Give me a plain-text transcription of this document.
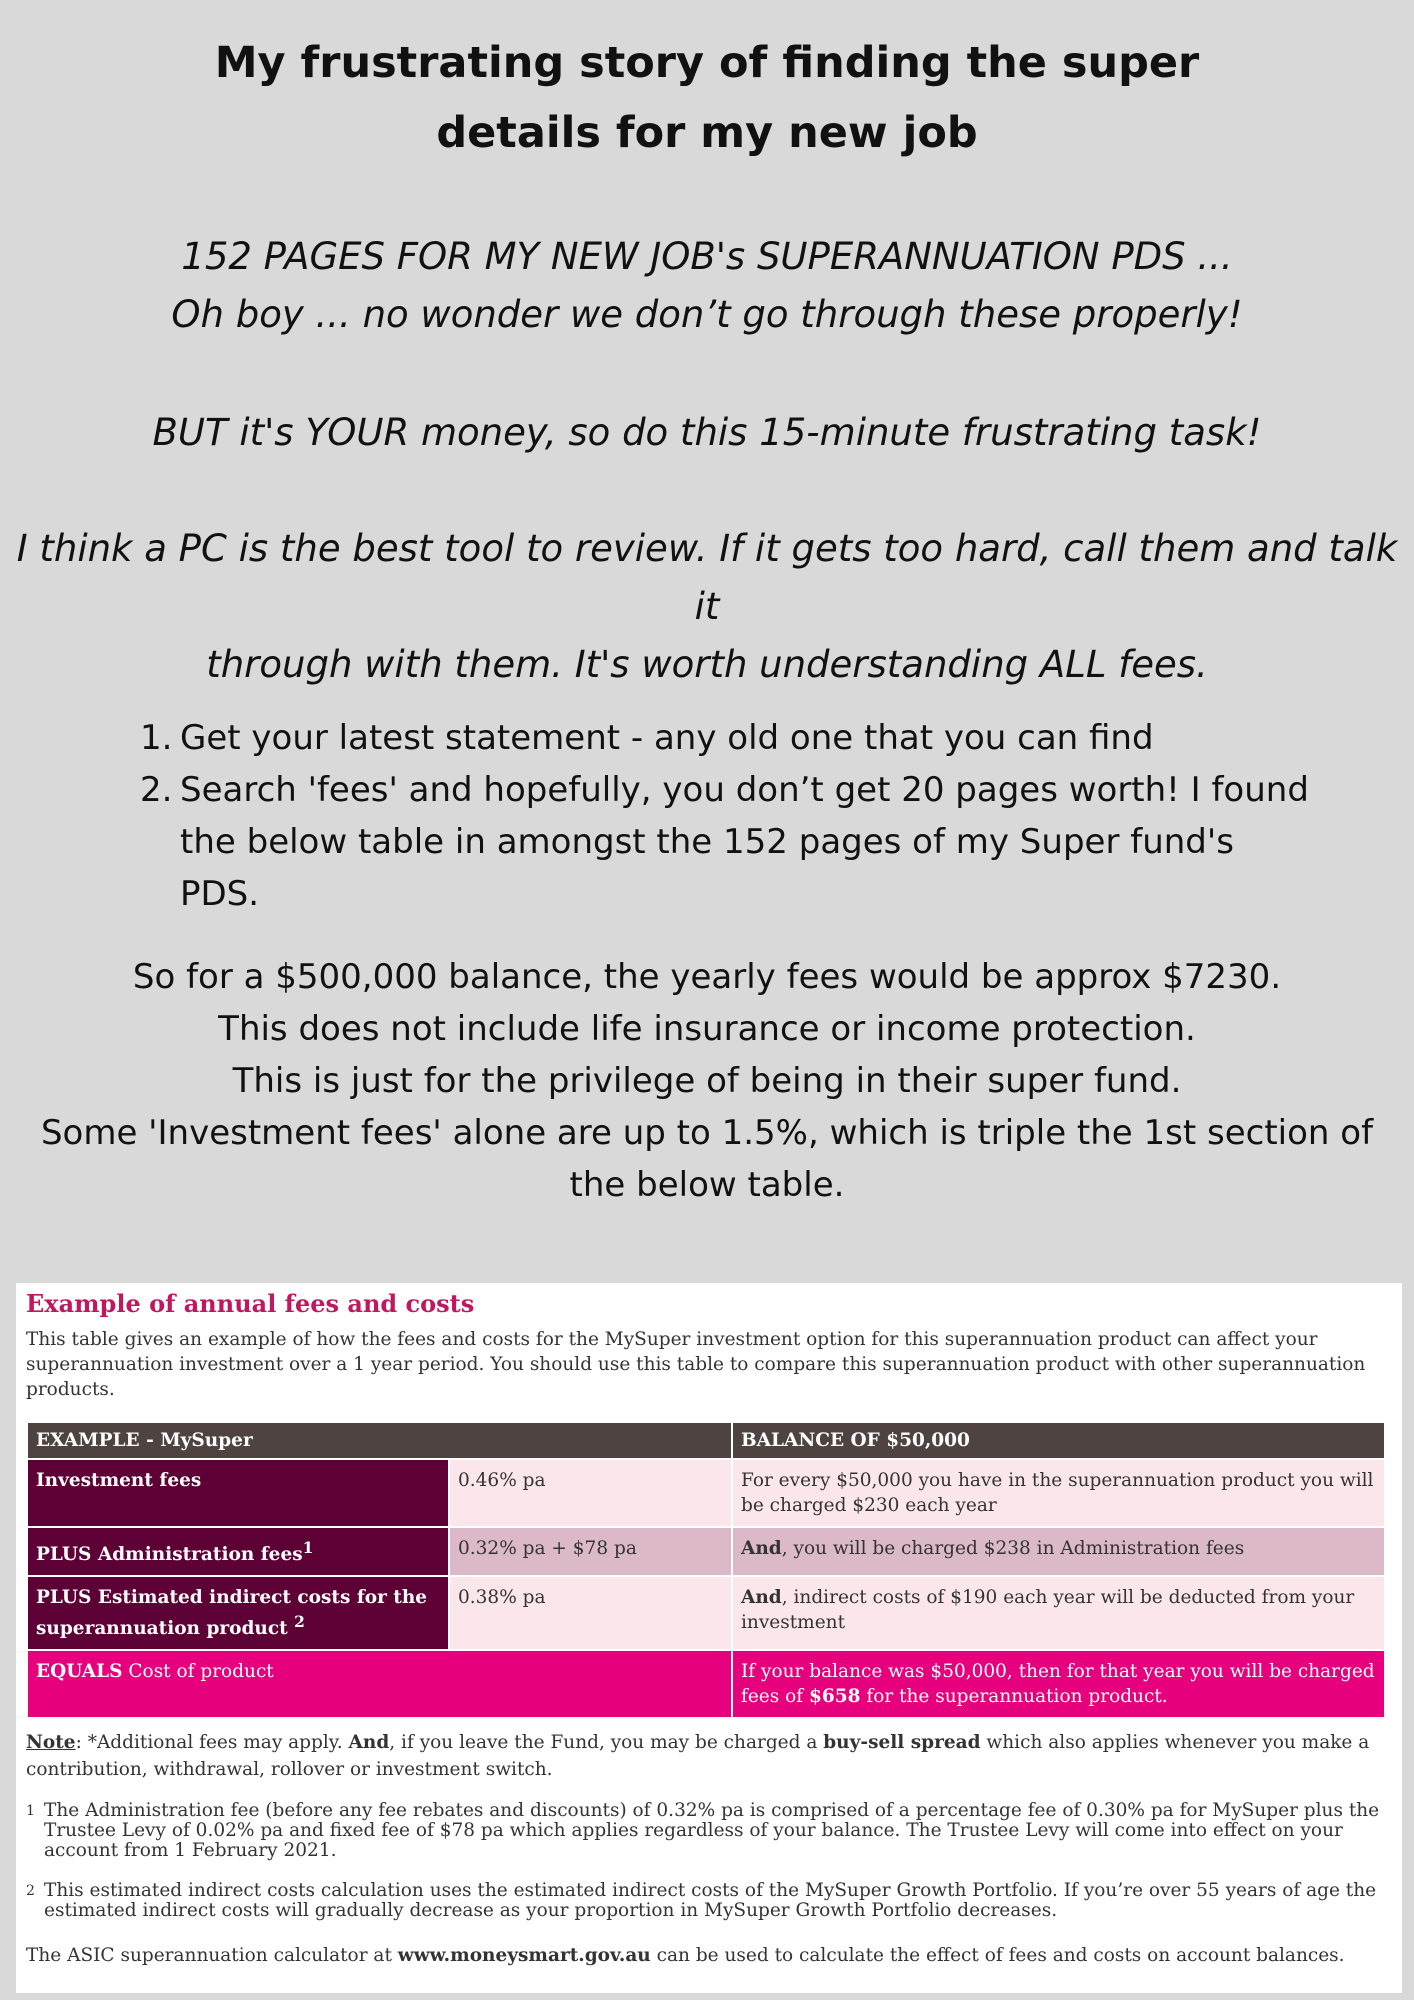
My frustrating story of finding the super
details for my new job
152 PAGES FOR MY NEW JOB's SUPERANNUATION PDS ...
Oh boy ... no wonder we don’t go through these properly!
BUT it's YOUR money, so do this 15-minute frustrating task!
I think a PC is the best tool to review. If it gets too hard, call them and talk it
through with them. It's worth understanding ALL fees.
1. Get your latest statement - any old one that you can find
2. Search 'fees' and hopefully, you don’t get 20 pages worth! I found the below table in amongst the 152 pages of my Super fund's PDS.
So for a $500,000 balance, the yearly fees would be approx $7230.
This does not include life insurance or income protection.
This is just for the privilege of being in their super fund.
Some 'Investment fees' alone are up to 1.5%, which is triple the 1st section of the below table.
Example of annual fees and costs
This table gives an example of how the fees and costs for the MySuper investment option for this superannuation product can affect your superannuation investment over a 1 year period. You should use this table to compare this superannuation product with other superannuation products.
EXAMPLE - MySuper		BALANCE OF $50,000
Investment fees	0.46% pa	For every $50,000 you have in the superannuation product you will be charged $230 each year
PLUS Administration fees$^1$	0.32% pa + $78 pa	And, you will be charged $238 in Administration fees
PLUS Estimated indirect costs for the superannuation product $^2$	0.38% pa	And, indirect costs of $190 each year will be deducted from your investment
EQUALS Cost of product		If your balance was $50,000, then for that year you will be charged fees of $658 for the superannuation product.
Note: *Additional fees may apply. And, if you leave the Fund, you may be charged a buy-sell spread which also applies whenever you make a contribution, withdrawal, rollover or investment switch.
1 The Administration fee (before any fee rebates and discounts) of 0.32% pa is comprised of a percentage fee of 0.30% pa for MySuper plus the Trustee Levy of 0.02% pa and fixed fee of $78 pa which applies regardless of your balance. The Trustee Levy will come into effect on your account from 1 February 2021.
2 This estimated indirect costs calculation uses the estimated indirect costs of the MySuper Growth Portfolio. If you’re over 55 years of age the estimated indirect costs will gradually decrease as your proportion in MySuper Growth Portfolio decreases.
The ASIC superannuation calculator at www.moneysmart.gov.au can be used to calculate the effect of fees and costs on account balances.
